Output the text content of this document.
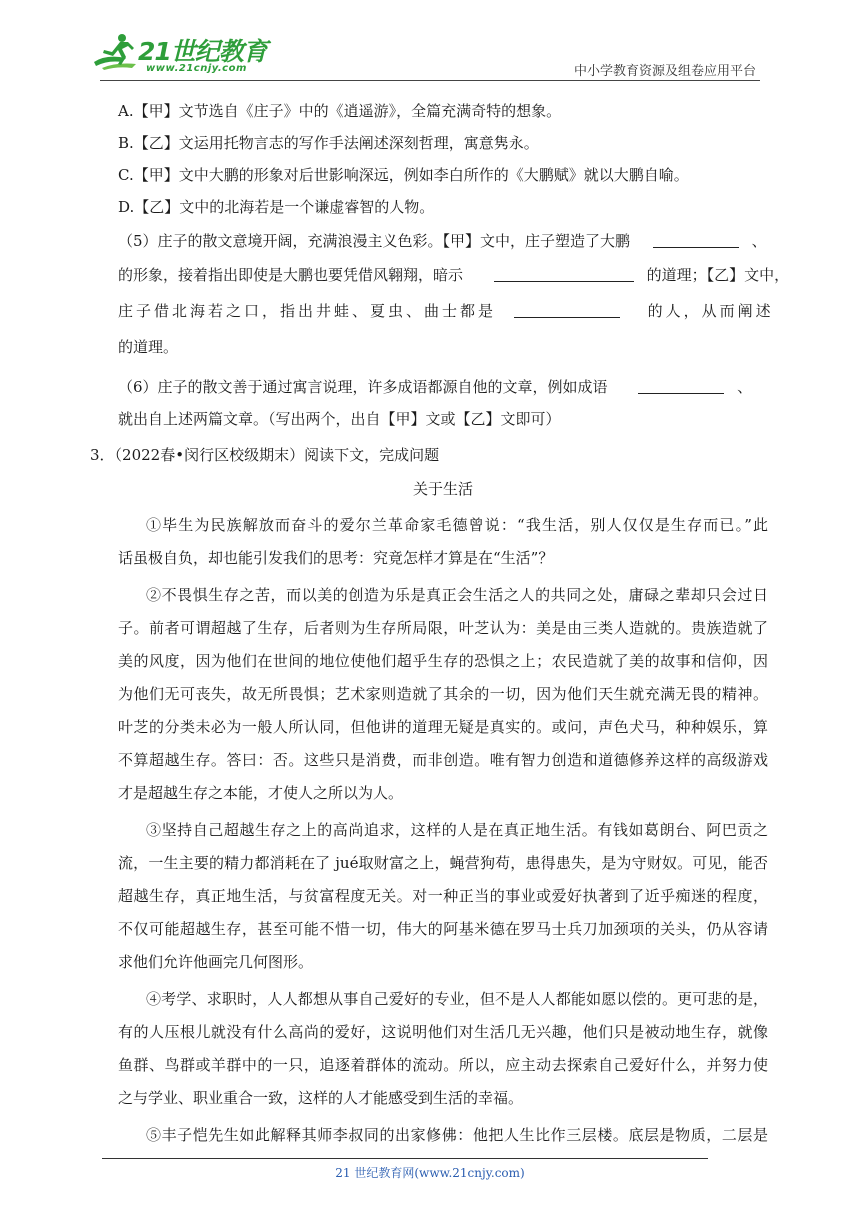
21世纪教育
www.21cnjy.com	中小学教育资源及组卷应用平台
A.【甲】文节选自《庄子》中的《逍遥游》，全篇充满奇特的想象。
B.【乙】文运用托物言志的写作手法阐述深刻哲理，寓意隽永。
C.【甲】文中大鹏的形象对后世影响深远，例如李白所作的《大鹏赋》就以大鹏自喻。
D.【乙】文中的北海若是一个谦虚睿智的人物。
（5）庄子的散文意境开阔，充满浪漫主义色彩。【甲】文中，庄子塑造了大鹏	、
的形象，接着指出即使是大鹏也要凭借风翱翔，暗示	的道理；【乙】文中，
庄子借北海若之口，指出井蛙、夏虫、曲士都是	的人，从而阐述
的道理。
（6）庄子的散文善于通过寓言说理，许多成语都源自他的文章，例如成语	、
就出自上述两篇文章。（写出两个，出自【甲】文或【乙】文即可）
3．（2022春•闵行区校级期末）阅读下文，完成问题
关于生活
①毕生为民族解放而奋斗的爱尔兰革命家毛德曾说：“我生活，别人仅仅是生存而已。”此
话虽极自负，却也能引发我们的思考：究竟怎样才算是在“生活”？
②不畏惧生存之苦，而以美的创造为乐是真正会生活之人的共同之处，庸碌之辈却只会过日
子。前者可谓超越了生存，后者则为生存所局限，叶芝认为：美是由三类人造就的。贵族造就了
美的风度，因为他们在世间的地位使他们超乎生存的恐惧之上；农民造就了美的故事和信仰，因
为他们无可丧失，故无所畏惧；艺术家则造就了其余的一切，因为他们天生就充满无畏的精神。
叶芝的分类未必为一般人所认同，但他讲的道理无疑是真实的。或问，声色犬马，种种娱乐，算
不算超越生存。答曰：否。这些只是消费，而非创造。唯有智力创造和道德修养这样的高级游戏
才是超越生存之本能，才使人之所以为人。
③坚持自己超越生存之上的高尚追求，这样的人是在真正地生活。有钱如葛朗台、阿巴贡之
流，一生主要的精力都消耗在了 jué取财富之上，蝇营狗苟，患得患失，是为守财奴。可见，能否
超越生存，真正地生活，与贫富程度无关。对一种正当的事业或爱好执著到了近乎痴迷的程度，
不仅可能超越生存，甚至可能不惜一切，伟大的阿基米德在罗马士兵刀加颈项的关头，仍从容请
求他们允许他画完几何图形。
④考学、求职时，人人都想从事自己爱好的专业，但不是人人都能如愿以偿的。更可悲的是，
有的人压根儿就没有什么高尚的爱好，这说明他们对生活几无兴趣，他们只是被动地生存，就像
鱼群、鸟群或羊群中的一只，追逐着群体的流动。所以，应主动去探索自己爱好什么，并努力使
之与学业、职业重合一致，这样的人才能感受到生活的幸福。
⑤丰子恺先生如此解释其师李叔同的出家修佛：他把人生比作三层楼。底层是物质，二层是
21 世纪教育网(www.21cnjy.com)
